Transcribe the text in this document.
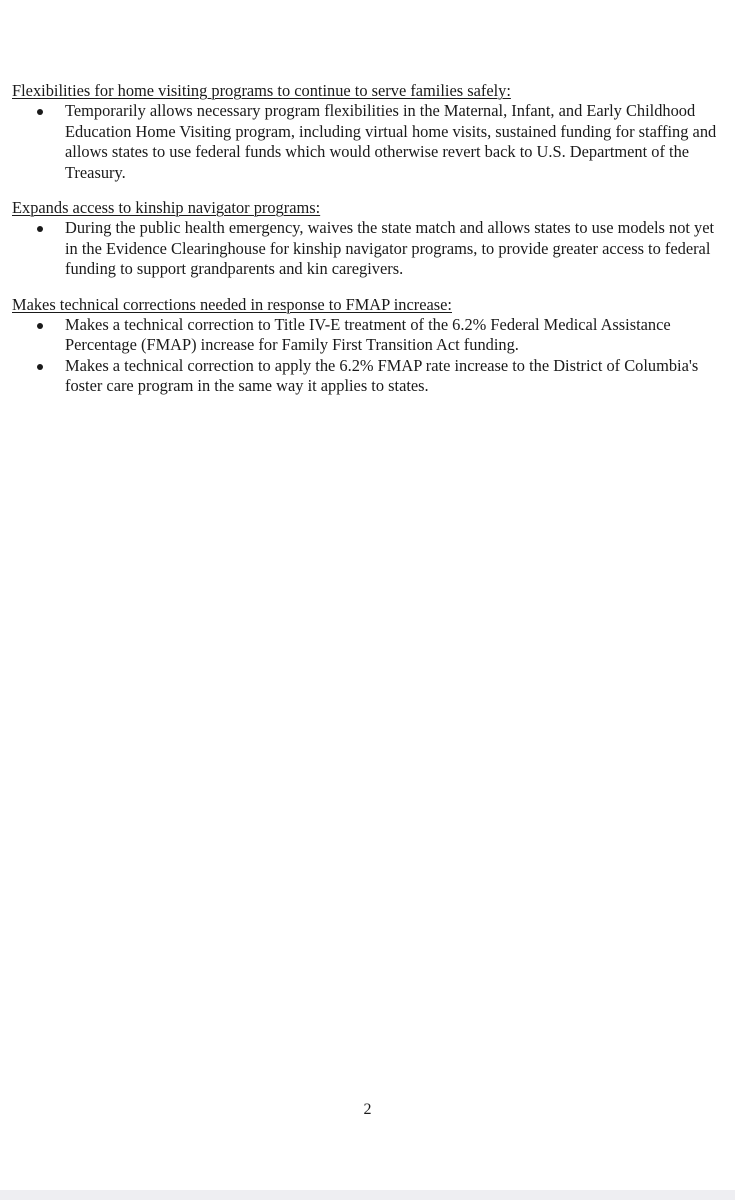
Flexibilities for home visiting programs to continue to serve families safely:

Temporarily allows necessary program flexibilities in the Maternal, Infant, and Early Childhood Education Home Visiting program, including virtual home visits, sustained funding for staffing and allows states to use federal funds which would otherwise revert back to U.S. Department of the Treasury.

Expands access to kinship navigator programs:

During the public health emergency, waives the state match and allows states to use models not yet in the Evidence Clearinghouse for kinship navigator programs, to provide greater access to federal funding to support grandparents and kin caregivers.

Makes technical corrections needed in response to FMAP increase:

Makes a technical correction to Title IV-E treatment of the 6.2% Federal Medical Assistance Percentage (FMAP) increase for Family First Transition Act funding.
Makes a technical correction to apply the 6.2% FMAP rate increase to the District of Columbia's foster care program in the same way it applies to states.
2
